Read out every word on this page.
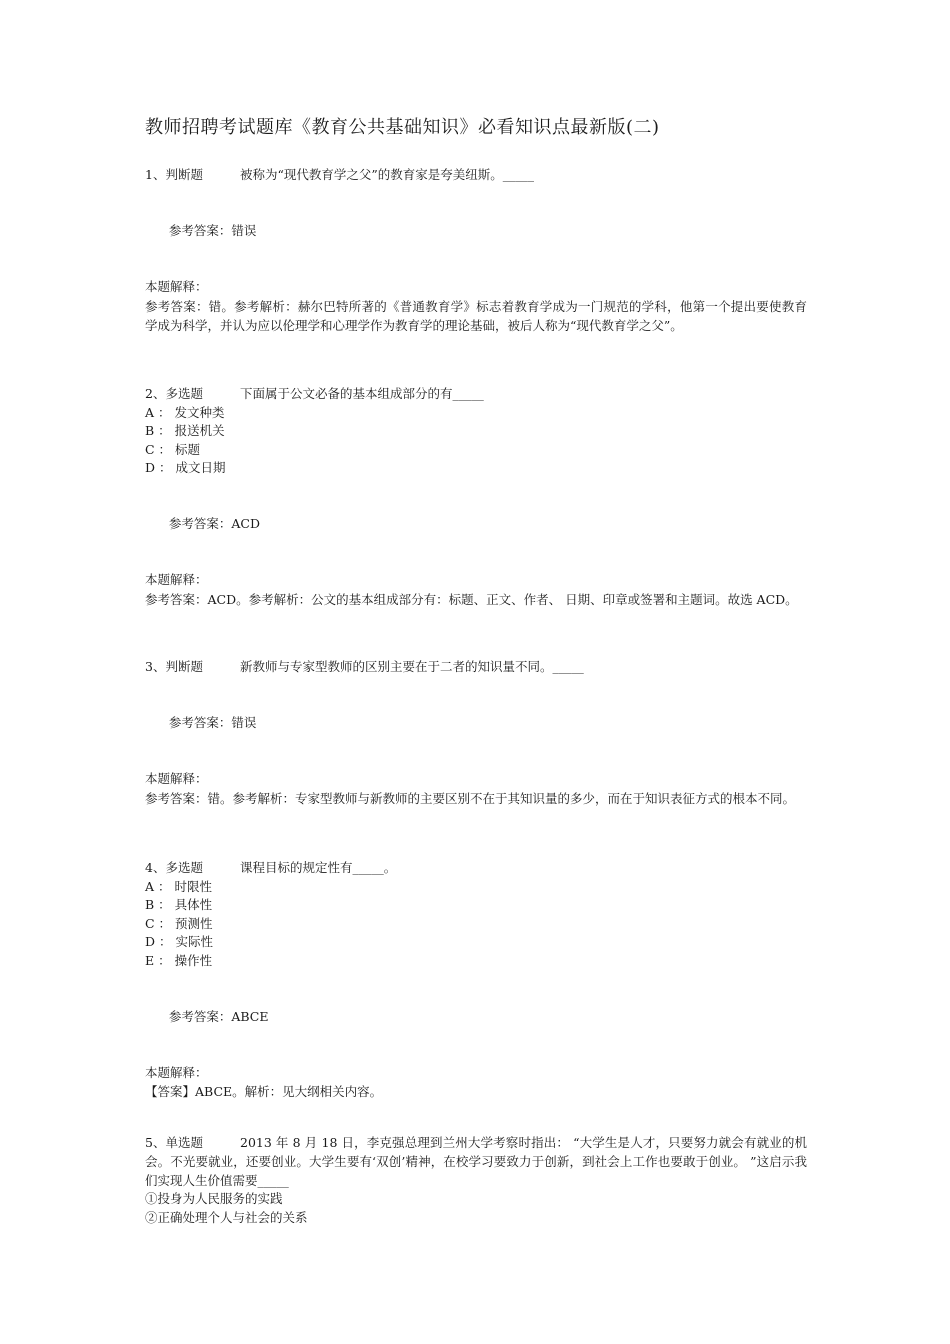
教师招聘考试题库《教育公共基础知识》必看知识点最新版(二)
1、判断题	被称为“现代教育学之父”的教育家是夸美纽斯。_____

参考答案：错误

本题解释：
参考答案：错。参考解析：赫尔巴特所著的《普通教育学》标志着教育学成为一门规范的学科，他第一个提出要使教育学成为科学，并认为应以伦理学和心理学作为教育学的理论基础，被后人称为“现代教育学之父”。
2、多选题	下面属于公文必备的基本组成部分的有_____
A ： 发文种类
B ： 报送机关
C ： 标题
D ： 成文日期

参考答案：ACD

本题解释：
参考答案：ACD。参考解析：公文的基本组成部分有：标题、正文、作者、 日期、印章或签署和主题词。故选 ACD。
3、判断题	新教师与专家型教师的区别主要在于二者的知识量不同。_____

参考答案：错误

本题解释：
参考答案：错。参考解析：专家型教师与新教师的主要区别不在于其知识量的多少，而在于知识表征方式的根本不同。
4、多选题	课程目标的规定性有_____。
A ： 时限性
B ： 具体性
C ： 预测性
D ： 实际性
E ： 操作性

参考答案：ABCE

本题解释：
【答案】ABCE。解析：见大纲相关内容。
5、单选题	2013 年 8 月 18 日，李克强总理到兰州大学考察时指出： “大学生是人才，只要努力就会有就业的机会。不光要就业，还要创业。大学生要有‘双创’精神，在校学习要致力于创新，到社会上工作也要敢于创业。 ”这启示我们实现人生价值需要_____
①投身为人民服务的实践
②正确处理个人与社会的关系
